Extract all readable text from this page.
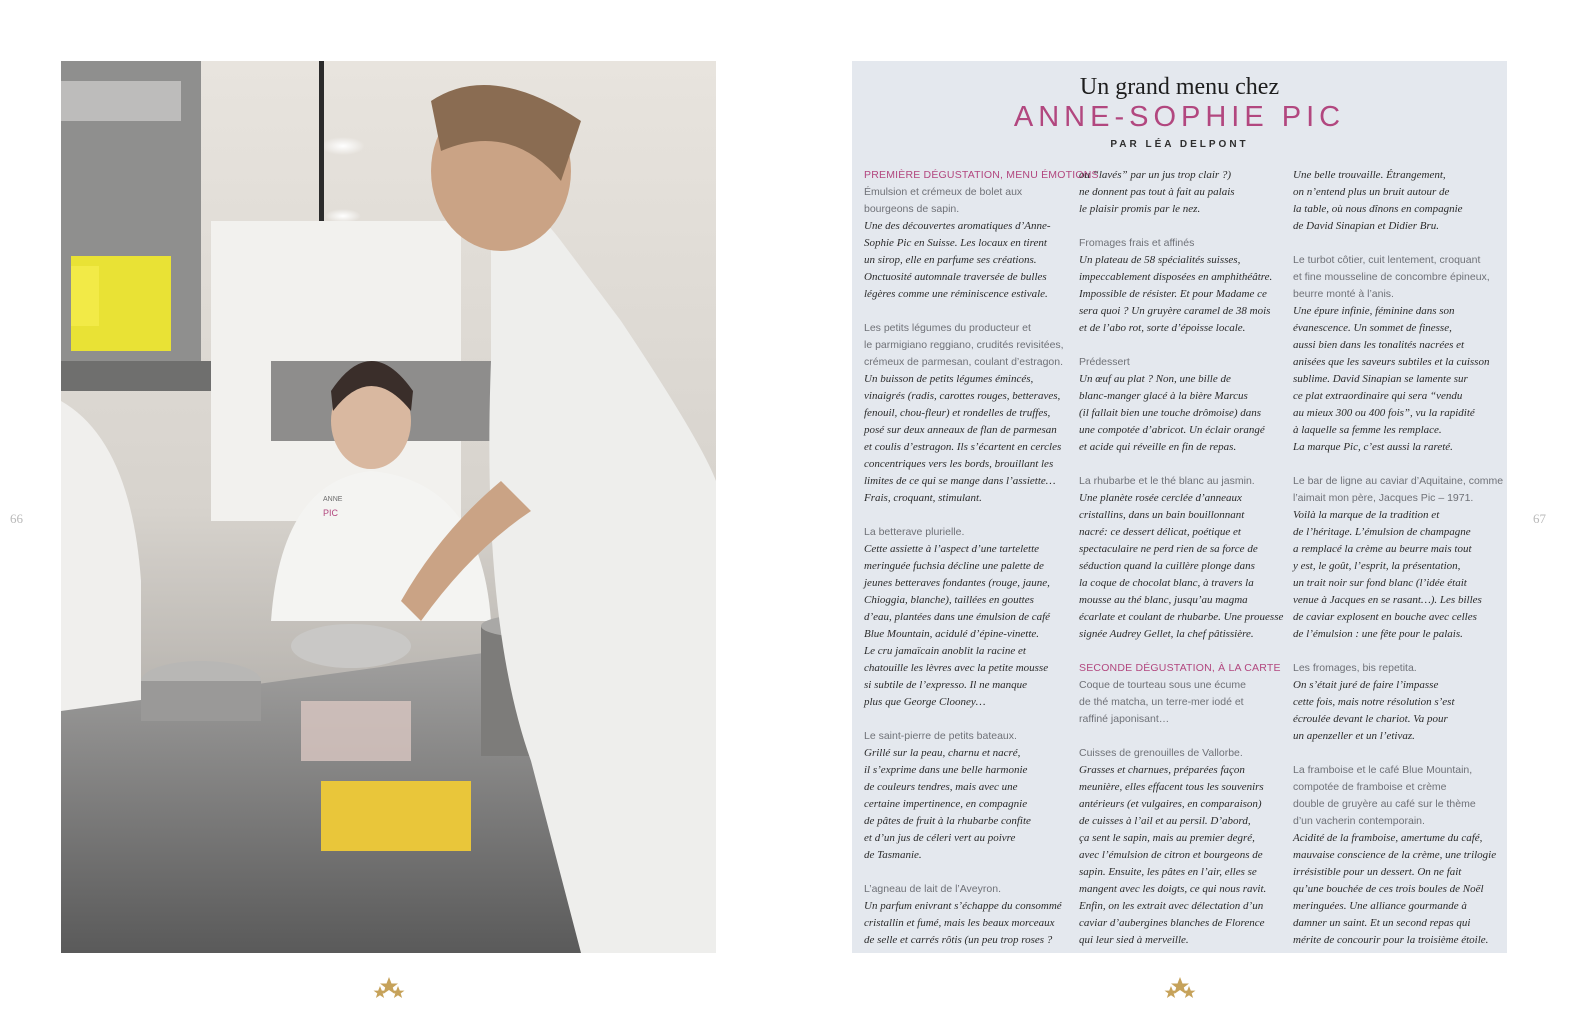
66	67
ANNE
PIC
Un grand menu chez
ANNE-SOPHIE PIC
PAR LÉA DELPONT

PREMIÈRE DÉGUSTATION, MENU ÉMOTIONS
Émulsion et crémeux de bolet aux
bourgeons de sapin.
Une des découvertes aromatiques d’Anne-
Sophie Pic en Suisse. Les locaux en tirent
un sirop, elle en parfume ses créations.
Onctuosité automnale traversée de bulles
légères comme une réminiscence estivale.

Les petits légumes du producteur et
le parmigiano reggiano, crudités revisitées,
crémeux de parmesan, coulant d’estragon.
Un buisson de petits légumes émincés,
vinaigrés (radis, carottes rouges, betteraves,
fenouil, chou-fleur) et rondelles de truffes,
posé sur deux anneaux de flan de parmesan
et coulis d’estragon. Ils s’écartent en cercles
concentriques vers les bords, brouillant les
limites de ce qui se mange dans l’assiette…
Frais, croquant, stimulant.

La betterave plurielle.
Cette assiette à l’aspect d’une tartelette
meringuée fuchsia décline une palette de
jeunes betteraves fondantes (rouge, jaune,
Chioggia, blanche), taillées en gouttes
d’eau, plantées dans une émulsion de café
Blue Mountain, acidulé d’épine-vinette.
Le cru jamaïcain anoblit la racine et
chatouille les lèvres avec la petite mousse
si subtile de l’expresso. Il ne manque
plus que George Clooney…

Le saint-pierre de petits bateaux.
Grillé sur la peau, charnu et nacré,
il s’exprime dans une belle harmonie
de couleurs tendres, mais avec une
certaine impertinence, en compagnie
de pâtes de fruit à la rhubarbe confite
et d’un jus de céleri vert au poivre
de Tasmanie.

L’agneau de lait de l’Aveyron.
Un parfum enivrant s’échappe du consommé
cristallin et fumé, mais les beaux morceaux
de selle et carrés rôtis (un peu trop roses ?

ou “lavés” par un jus trop clair ?)
ne donnent pas tout à fait au palais
le plaisir promis par le nez.

Fromages frais et affinés
Un plateau de 58 spécialités suisses,
impeccablement disposées en amphithéâtre.
Impossible de résister. Et pour Madame ce
sera quoi ? Un gruyère caramel de 38 mois
et de l’abo rot, sorte d’époisse locale.

Prédessert
Un œuf au plat ? Non, une bille de
blanc-manger glacé à la bière Marcus
(il fallait bien une touche drômoise) dans
une compotée d’abricot. Un éclair orangé
et acide qui réveille en fin de repas.

La rhubarbe et le thé blanc au jasmin.
Une planète rosée cerclée d’anneaux
cristallins, dans un bain bouillonnant
nacré: ce dessert délicat, poétique et
spectaculaire ne perd rien de sa force de
séduction quand la cuillère plonge dans
la coque de chocolat blanc, à travers la
mousse au thé blanc, jusqu’au magma
écarlate et coulant de rhubarbe. Une prouesse
signée Audrey Gellet, la chef pâtissière.

SECONDE DÉGUSTATION, À LA CARTE
Coque de tourteau sous une écume
de thé matcha, un terre-mer iodé et
raffiné japonisant…

Cuisses de grenouilles de Vallorbe.
Grasses et charnues, préparées façon
meunière, elles effacent tous les souvenirs
antérieurs (et vulgaires, en comparaison)
de cuisses à l’ail et au persil. D’abord,
ça sent le sapin, mais au premier degré,
avec l’émulsion de citron et bourgeons de
sapin. Ensuite, les pâtes en l’air, elles se
mangent avec les doigts, ce qui nous ravit.
Enfin, on les extrait avec délectation d’un
caviar d’aubergines blanches de Florence
qui leur sied à merveille.

Une belle trouvaille. Étrangement,
on n’entend plus un bruit autour de
la table, où nous dînons en compagnie
de David Sinapian et Didier Bru.

Le turbot côtier, cuit lentement, croquant
et fine mousseline de concombre épineux,
beurre monté à l’anis.
Une épure infinie, féminine dans son
évanescence. Un sommet de finesse,
aussi bien dans les tonalités nacrées et
anisées que les saveurs subtiles et la cuisson
sublime. David Sinapian se lamente sur
ce plat extraordinaire qui sera “vendu
au mieux 300 ou 400 fois”, vu la rapidité
à laquelle sa femme les remplace.
La marque Pic, c’est aussi la rareté.

Le bar de ligne au caviar d’Aquitaine, comme
l’aimait mon père, Jacques Pic – 1971.
Voilà la marque de la tradition et
de l’héritage. L’émulsion de champagne
a remplacé la crème au beurre mais tout
y est, le goût, l’esprit, la présentation,
un trait noir sur fond blanc (l’idée était
venue à Jacques en se rasant…). Les billes
de caviar explosent en bouche avec celles
de l’émulsion : une fête pour le palais.

Les fromages, bis repetita.
On s’était juré de faire l’impasse
cette fois, mais notre résolution s’est
écroulée devant le chariot. Va pour
un apenzeller et un l’etivaz.

La framboise et le café Blue Mountain,
compotée de framboise et crème
double de gruyère au café sur le thème
d’un vacherin contemporain.
Acidité de la framboise, amertume du café,
mauvaise conscience de la crème, une trilogie
irrésistible pour un dessert. On ne fait
qu’une bouchée de ces trois boules de Noël
meringuées. Une alliance gourmande à
damner un saint. Et un second repas qui
mérite de concourir pour la troisième étoile.
